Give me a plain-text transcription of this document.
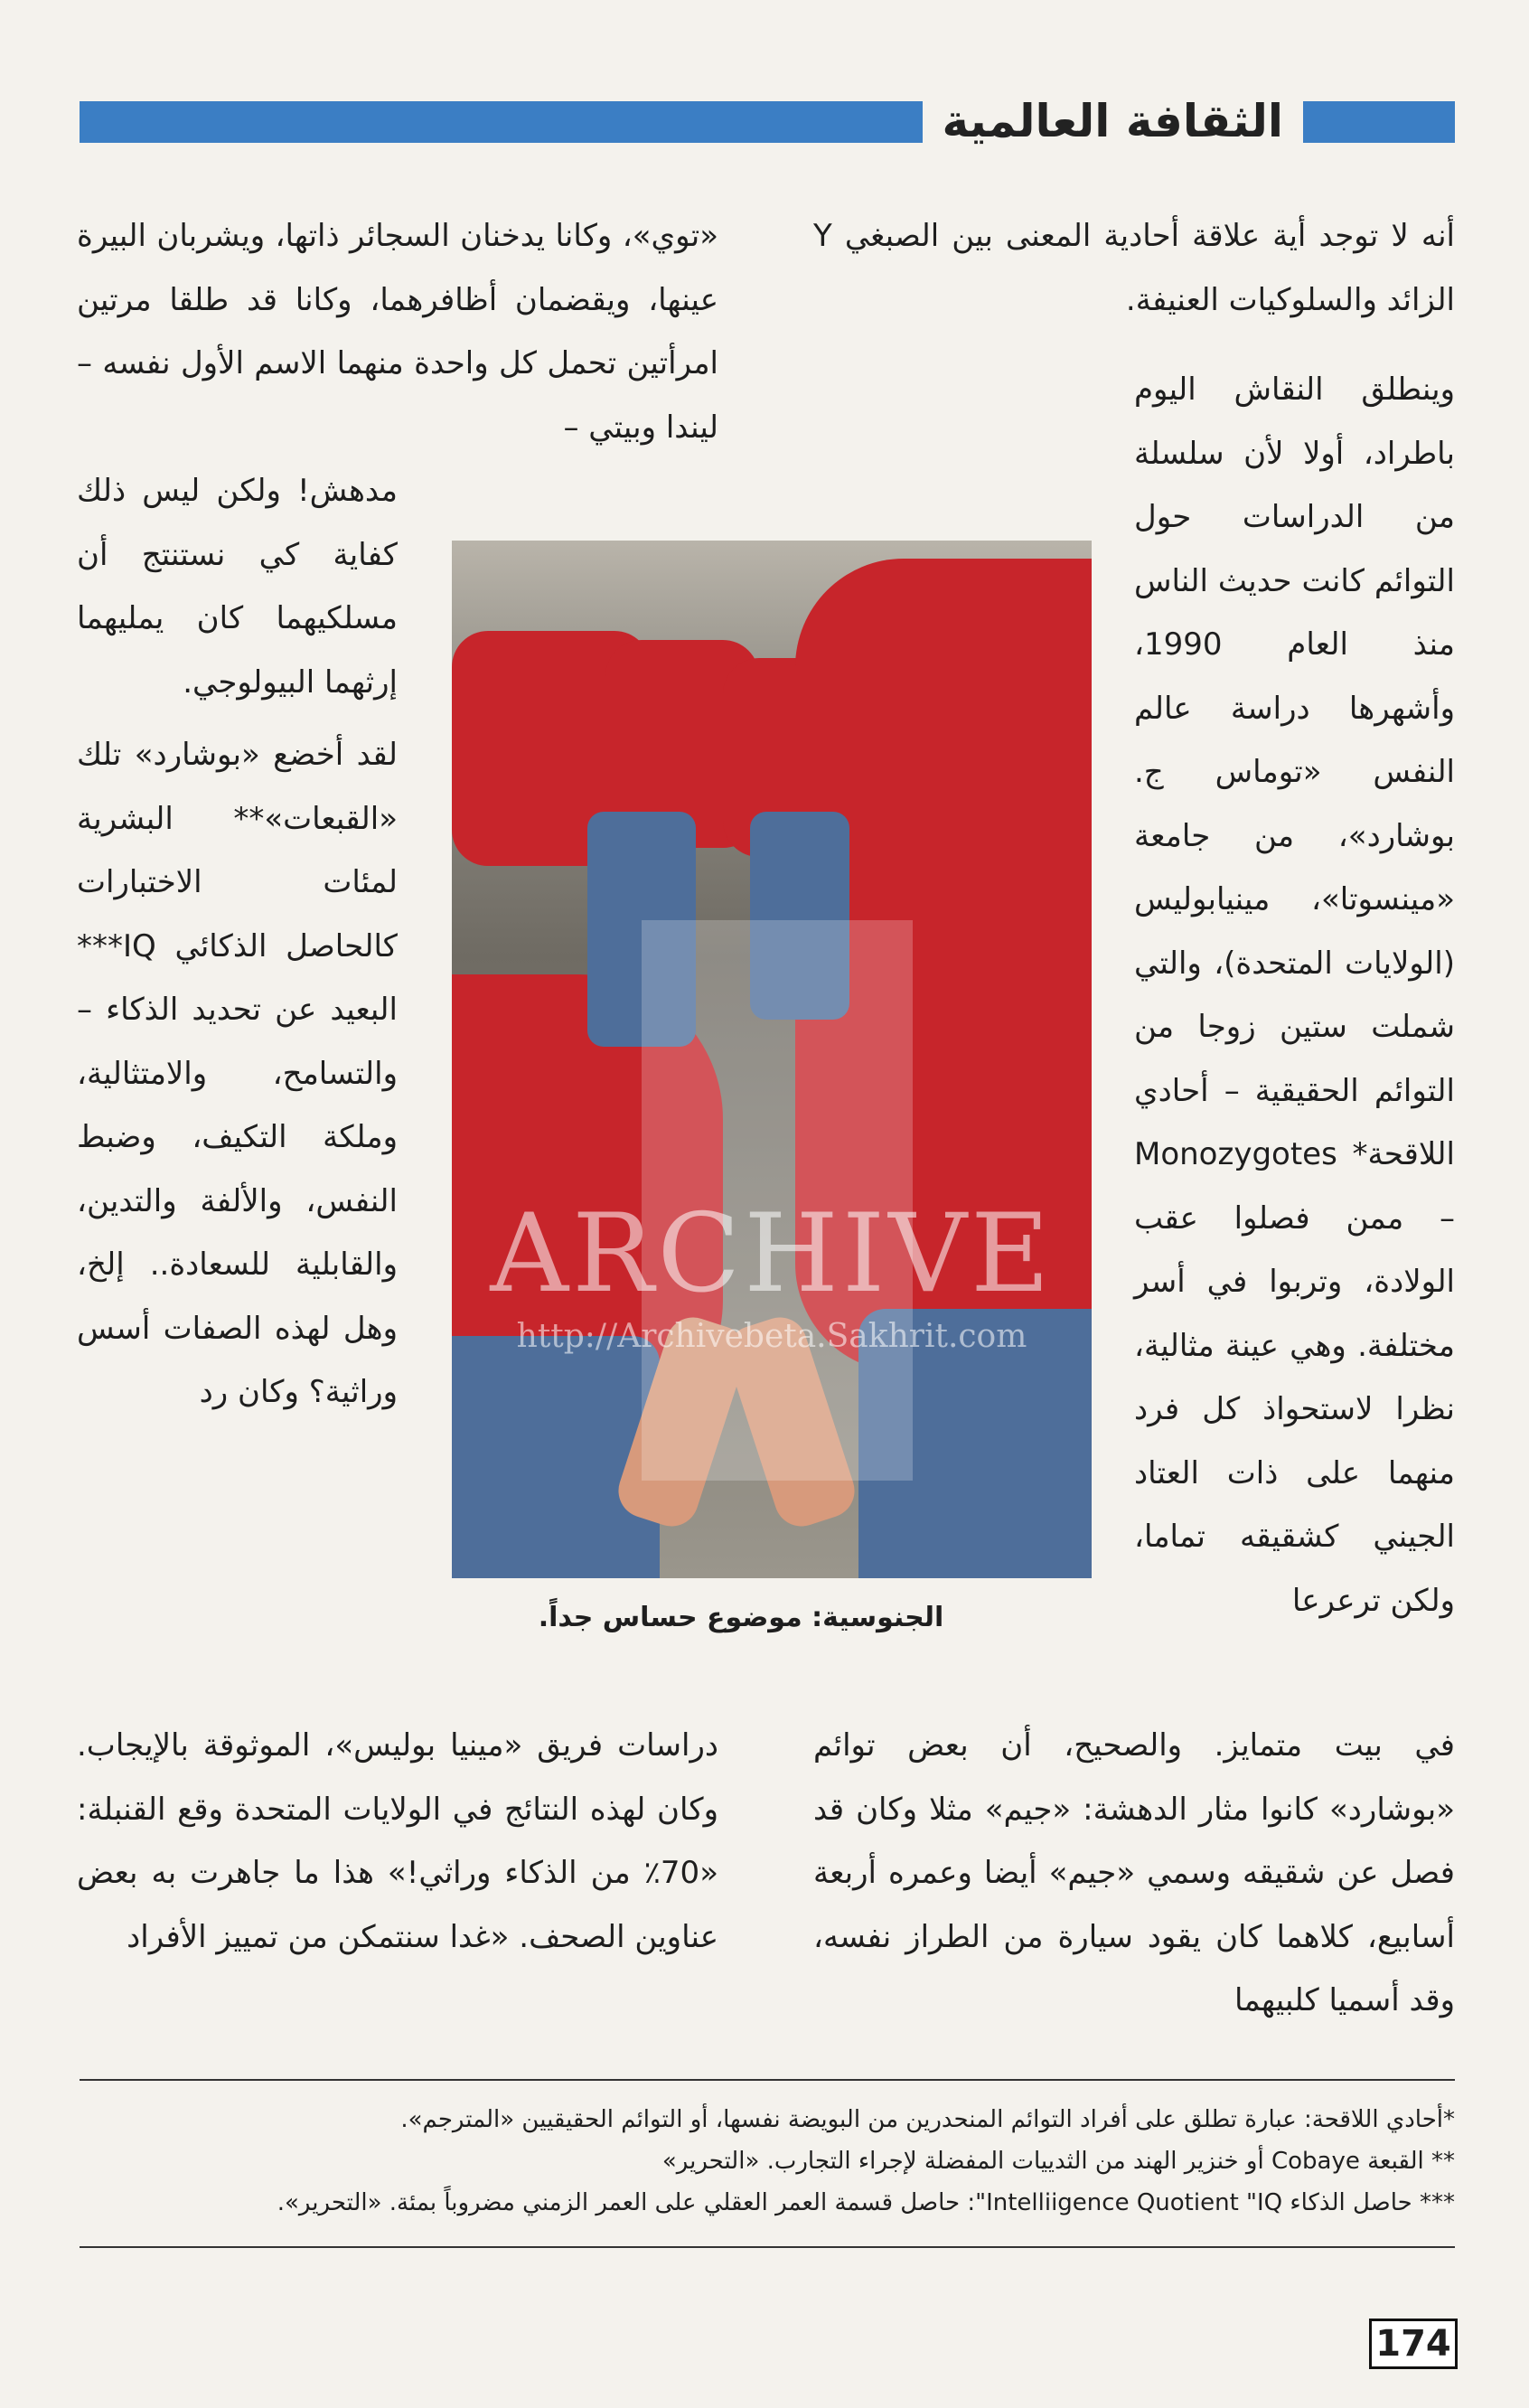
الثقافة العالمية

أنه لا توجد أية علاقة أحادية المعنى بين الصبغي Y الزائد والسلوكيات العنيفة.

وينطلق النقاش اليوم باطراد، أولا لأن سلسلة من الدراسات حول التوائم كانت حديث الناس منذ العام 1990، وأشهرها دراسة عالم النفس «توماس ج. بوشارد»، من جامعة «مينسوتا»، مينيابوليس (الولايات المتحدة)، والتي شملت ستين زوجا من التوائم الحقيقية – أحادي اللاقحة* Monozygotes – ممن فصلوا عقب الولادة، وتربوا في أسر مختلفة. وهي عينة مثالية، نظرا لاستحواذ كل فرد منهما على ذات العتاد الجيني كشقيقه تماما، ولكن ترعرعا

«توي»، وكانا يدخنان السجائر ذاتها، ويشربان البيرة عينها، ويقضمان أظافرهما، وكانا قد طلقا مرتين امرأتين تحمل كل واحدة منهما الاسم الأول نفسه – ليندا وبيتي –

مدهش! ولكن ليس ذلك كفاية كي نستنتج أن مسلكيهما كان يمليهما إرثهما البيولوجي.

لقد أخضع «بوشارد» تلك «القبعات»** البشرية لمئات الاختبارات كالحاصل الذكائي IQ*** البعيد عن تحديد الذكاء – والتسامح، والامتثالية، وملكة التكيف، وضبط النفس، والألفة والتدين، والقابلية للسعادة.. إلخ، وهل لهذه الصفات أسس وراثية؟ وكان رد

ARCHIVE
http://Archivebeta.Sakhrit.com
الجنوسية: موضوع حساس جداً.

في بيت متمايز. والصحيح، أن بعض توائم «بوشارد» كانوا مثار الدهشة: «جيم» مثلا وكان قد فصل عن شقيقه وسمي «جيم» أيضا وعمره أربعة أسابيع، كلاهما كان يقود سيارة من الطراز نفسه، وقد أسميا كلبيهما

دراسات فريق «مينيا بوليس»، الموثوقة بالإيجاب. وكان لهذه النتائج في الولايات المتحدة وقع القنبلة: «70٪ من الذكاء وراثي!» هذا ما جاهرت به بعض عناوين الصحف. «غدا سنتمكن من تمييز الأفراد

*أحادي اللاقحة: عبارة تطلق على أفراد التوائم المنحدرين من البويضة نفسها، أو التوائم الحقيقيين «المترجم».

** القبعة Cobaye أو خنزير الهند من الثدييات المفضلة لإجراء التجارب. «التحرير»

*** حاصل الذكاء Intelliigence Quotient "IQ": حاصل قسمة العمر العقلي على العمر الزمني مضروباً بمئة. «التحرير».

174
